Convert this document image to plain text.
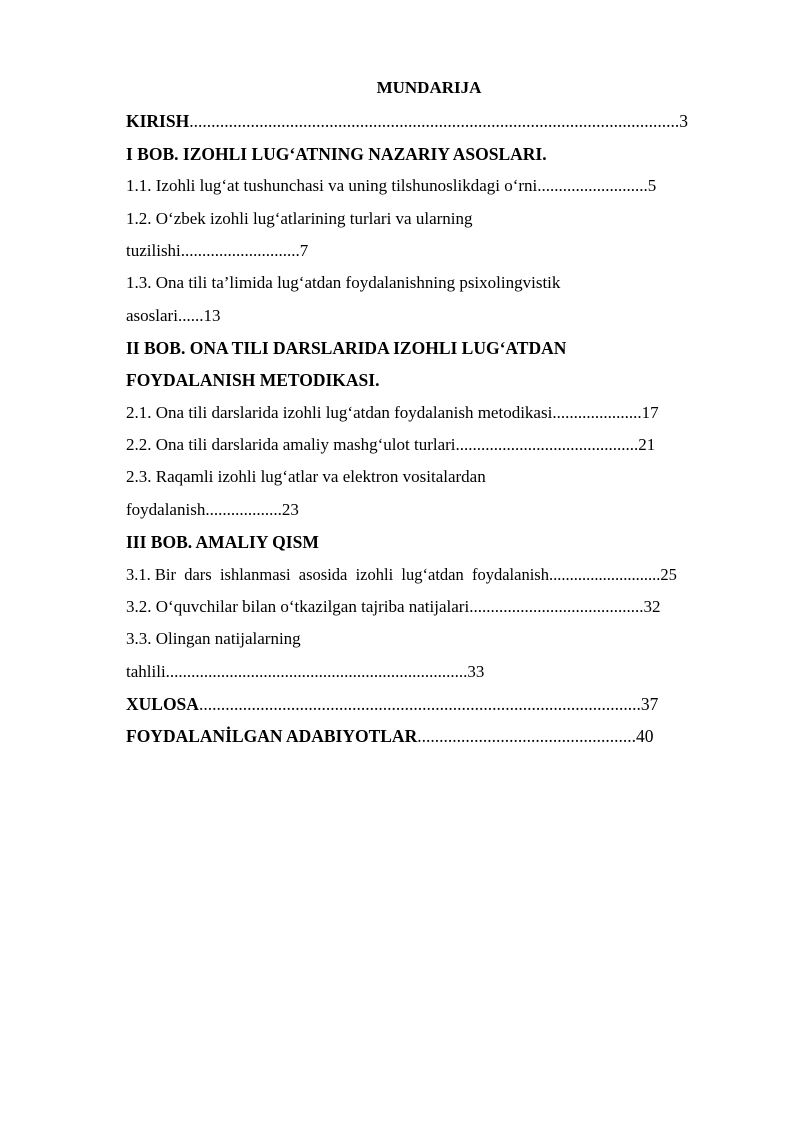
MUNDARIJA
KIRISH................................................................................................................3
I BOB. IZOHLI LUG‘ATNING NAZARIY ASOSLARI.
1.1. Izohli lug‘at tushunchasi va uning tilshunoslikdagi o‘rni..........................5
1.2. O‘zbek izohli lug‘atlarining turlari va ularning
tuzilishi............................7
1.3. Ona tili ta’limida lug‘atdan foydalanishning psixolingvistik
asoslari......13
II BOB. ONA TILI DARSLARIDA IZOHLI LUG‘ATDAN
FOYDALANISH METODIKASI.
2.1. Ona tili darslarida izohli lug‘atdan foydalanish metodikasi.....................17
2.2. Ona tili darslarida amaliy mashg‘ulot turlari...........................................21
2.3. Raqamli izohli lug‘atlar va elektron vositalardan
foydalanish..................23
III BOB. AMALIY QISM
3.1. Bir  dars  ishlanmasi  asosida  izohli  lug‘atdan  foydalanish...........................25
3.2. O‘quvchilar bilan o‘tkazilgan tajriba natijalari.........................................32
3.3. Olingan natijalarning
tahlili.......................................................................33
XULOSA.....................................................................................................37
FOYDALANİLGAN ADABIYOTLAR..................................................40
